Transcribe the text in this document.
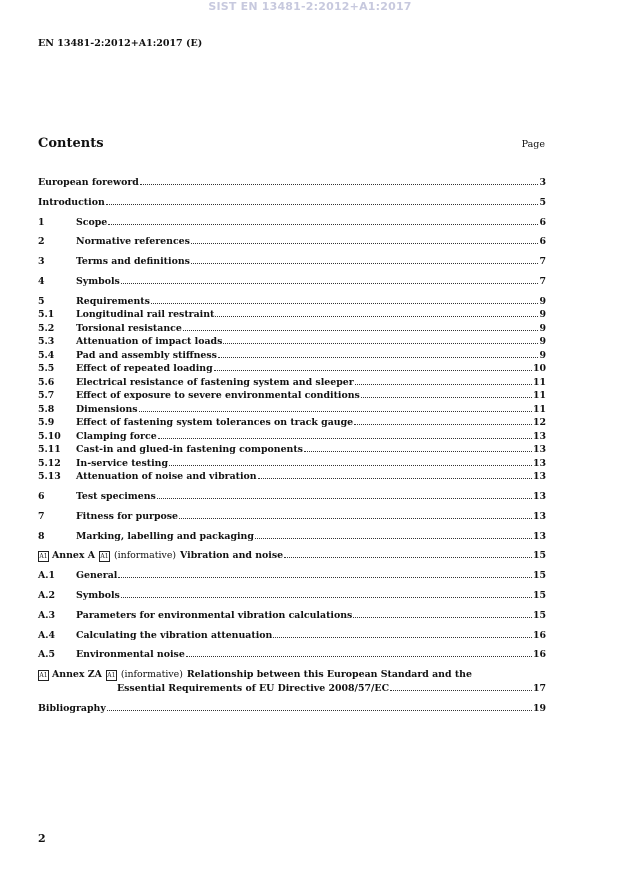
SIST EN 13481-2:2012+A1:2017
EN 13481-2:2012+A1:2017 (E)
Contents	Page
European foreword	3
Introduction	5
1	Scope	6
2	Normative references	6
3	Terms and definitions	7
4	Symbols	7
5	Requirements	9
5.1	Longitudinal rail restraint	9
5.2	Torsional resistance	9
5.3	Attenuation of impact loads	9
5.4	Pad and assembly stiffness	9
5.5	Effect of repeated loading	10
5.6	Electrical resistance of fastening system and sleeper	11
5.7	Effect of exposure to severe environmental conditions	11
5.8	Dimensions	11
5.9	Effect of fastening system tolerances on track gauge	12
5.10	Clamping force	13
5.11	Cast-in and glued-in fastening components	13
5.12	In-service testing	13
5.13	Attenuation of noise and vibration	13
6	Test specimens	13
7	Fitness for purpose	13
8	Marking, labelling and packaging	13
A1 Annex A A1 (informative) Vibration and noise	15
A.1	General	15
A.2	Symbols	15
A.3	Parameters for environmental vibration calculations	15
A.4	Calculating the vibration attenuation	16
A.5	Environmental noise	16
A1 Annex ZA A1 (informative) Relationship between this European Standard and the
Essential Requirements of EU Directive 2008/57/EC	17
Bibliography	19
2
